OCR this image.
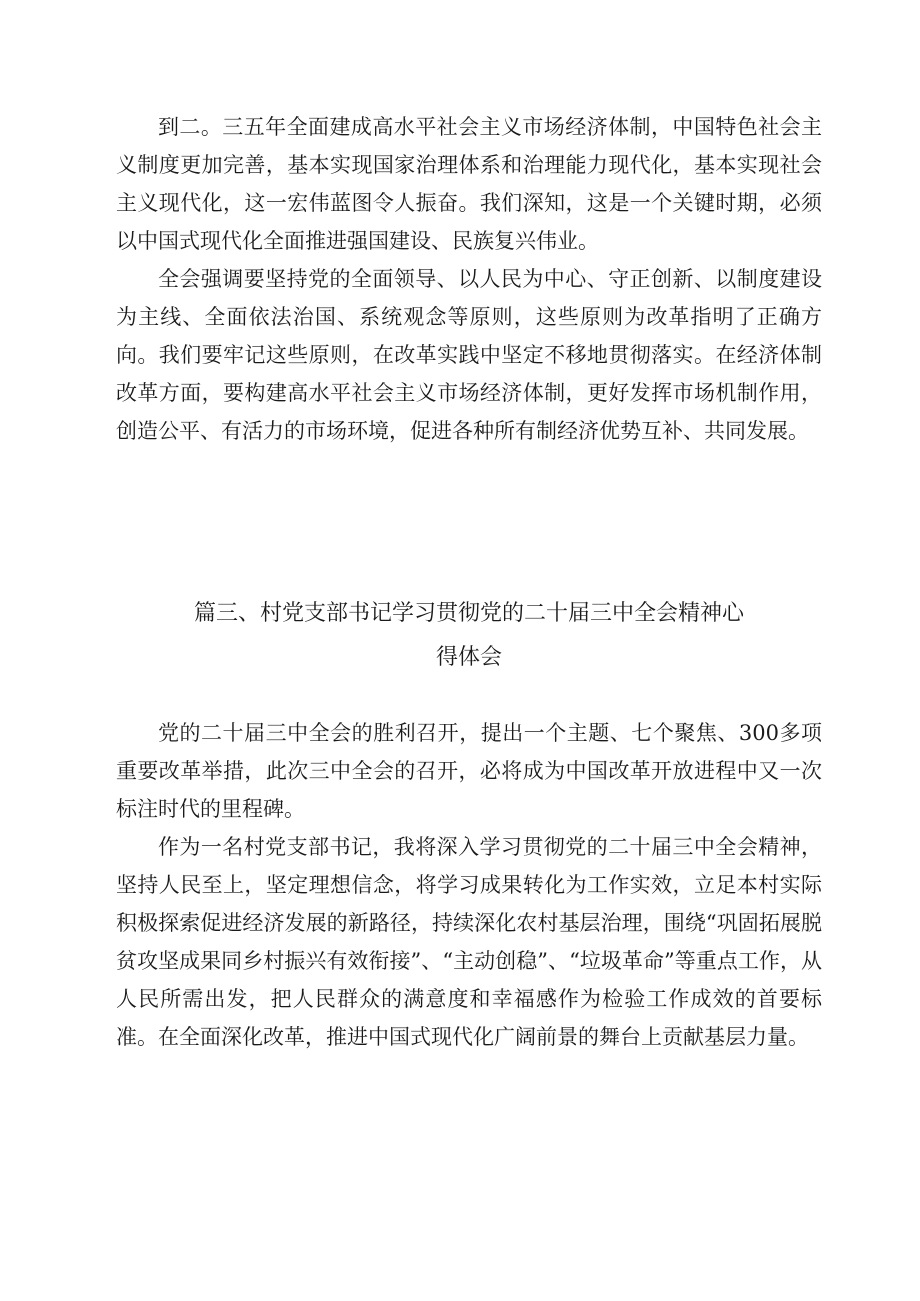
到二。三五年全面建成高水平社会主义市场经济体制，中国特色社会主义制度更加完善，基本实现国家治理体系和治理能力现代化，基本实现社会主义现代化，这一宏伟蓝图令人振奋。我们深知，这是一个关键时期，必须以中国式现代化全面推进强国建设、民族复兴伟业。

全会强调要坚持党的全面领导、以人民为中心、守正创新、以制度建设为主线、全面依法治国、系统观念等原则，这些原则为改革指明了正确方向。我们要牢记这些原则，在改革实践中坚定不移地贯彻落实。在经济体制改革方面，要构建高水平社会主义市场经济体制，更好发挥市场机制作用，创造公平、有活力的市场环境，促进各种所有制经济优势互补、共同发展。

篇三、村党支部书记学习贯彻党的二十届三中全会精神心
得体会

党的二十届三中全会的胜利召开，提出一个主题、七个聚焦、300多项重要改革举措，此次三中全会的召开，必将成为中国改革开放进程中又一次标注时代的里程碑。

作为一名村党支部书记，我将深入学习贯彻党的二十届三中全会精神，坚持人民至上，坚定理想信念，将学习成果转化为工作实效，立足本村实际积极探索促进经济发展的新路径，持续深化农村基层治理，围绕“巩固拓展脱贫攻坚成果同乡村振兴有效衔接”、“主动创稳”、“垃圾革命”等重点工作，从人民所需出发，把人民群众的满意度和幸福感作为检验工作成效的首要标准。在全面深化改革，推进中国式现代化广阔前景的舞台上贡献基层力量。
